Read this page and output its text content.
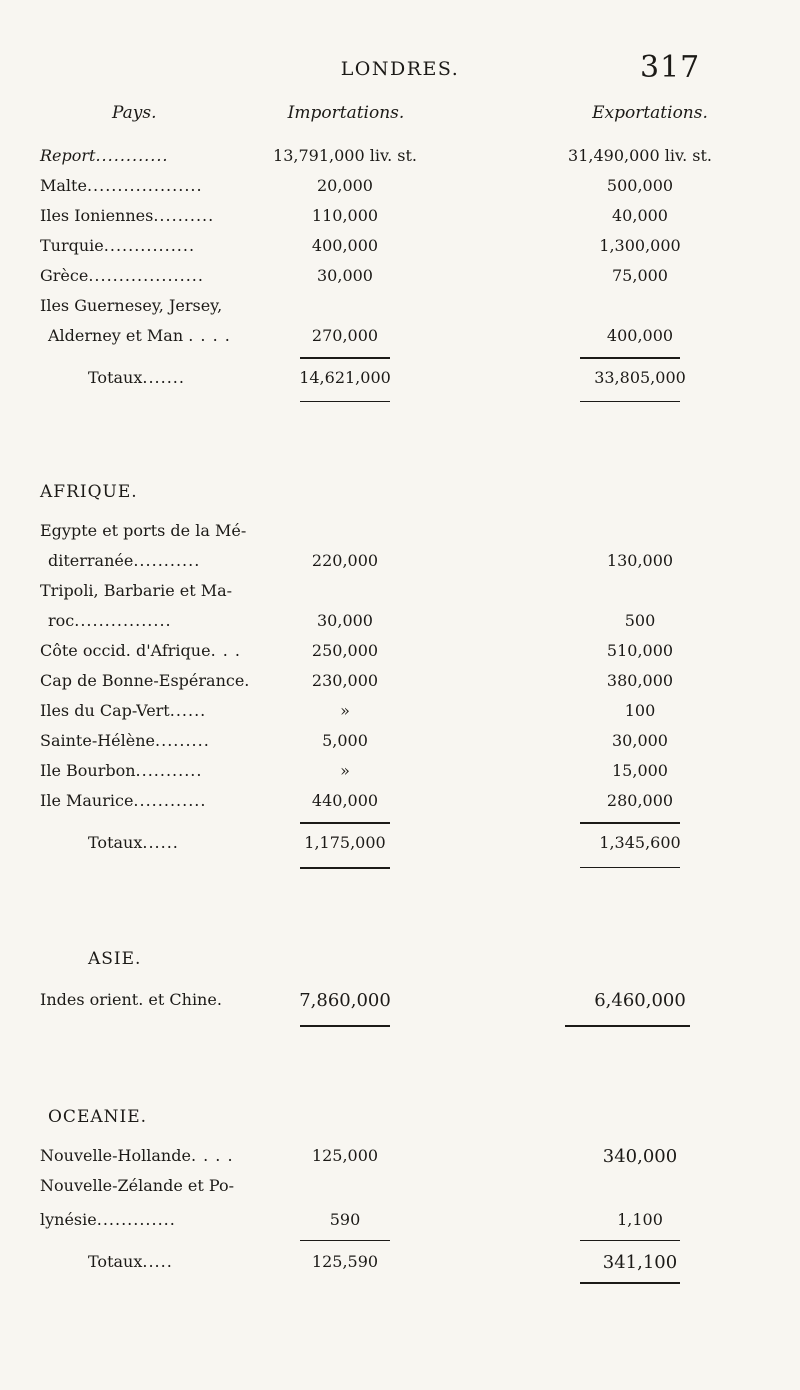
LONDRES.	317
Pays.	Importations.	Exportations.
Report............	13,791,000 liv. st.	31,490,000 liv. st.
Malte...................	20,000	500,000
Iles Ioniennes..........	110,000	40,000
Turquie...............	400,000	1,300,000
Grèce...................	30,000	75,000
Iles Guernesey, Jersey,
Alderney et Man . . . .	270,000	400,000
Totaux.......	14,621,000	33,805,000
AFRIQUE.
Egypte et ports de la Mé-
diterranée...........	220,000	130,000
Tripoli, Barbarie et Ma-
roc................	30,000	500
Côte occid. d'Afrique. . .	250,000	510,000
Cap de Bonne-Espérance.	230,000	380,000
Iles du Cap-Vert......	»	100
Sainte-Hélène.........	5,000	30,000
Ile Bourbon...........	»	15,000
Ile Maurice............	440,000	280,000
Totaux......	1,175,000	1,345,600
ASIE.
Indes orient. et Chine.	7,860,000	6,460,000
OCEANIE.
Nouvelle-Hollande. . . .	125,000	340,000
Nouvelle-Zélande et Po-
lynésie.............	590	1,100
Totaux.....	125,590	341,100
